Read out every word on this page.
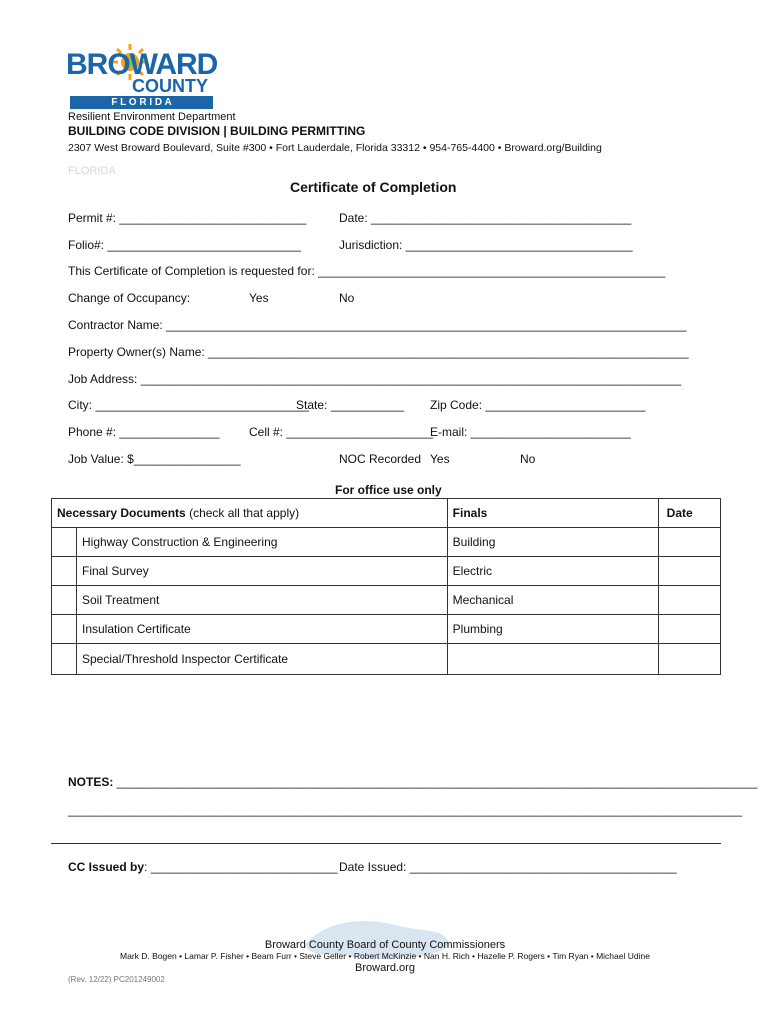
BROWARD
COUNTY
F L O R I D A
Resilient Environment Department
BUILDING CODE DIVISION | BUILDING PERMITTING
2307 West Broward Boulevard, Suite #300 • Fort Lauderdale, Florida 33312 • 954-765-4400 • Broward.org/Building
FLORIDA
Certificate of Completion
Permit #: ____________________________	Date: _______________________________________
Folio#: _____________________________	Jurisdiction: __________________________________
This Certificate of Completion is requested for: ____________________________________________________
Change of Occupancy:	Yes	No
Contractor Name: ______________________________________________________________________________
Property Owner(s) Name: ________________________________________________________________________
Job Address: _________________________________________________________________________________
City: ________________________________
State: ___________ Zip Code: ________________________
Phone #: _______________ Cell #: ______________________
E-mail: ________________________
Job Value: $________________	NOC Recorded Yes	No
For office use only
Necessary Documents (check all that apply)		Finals	Date
	Highway Construction & Engineering	Building	
	Final Survey	Electric	
	Soil Treatment	Mechanical	
	Insulation Certificate	Plumbing	
	Special/Threshold Inspector Certificate		
NOTES: ________________________________________________________________________________________________
_____________________________________________________________________________________________________
CC Issued by: ____________________________ Date Issued: ________________________________________
Broward County Board of County Commissioners
Mark D. Bogen • Lamar P. Fisher • Beam Furr • Steve Geller • Robert McKinzie • Nan H. Rich • Hazelle P. Rogers • Tim Ryan • Michael Udine
Broward.org
(Rev. 12/22) PC201249002
